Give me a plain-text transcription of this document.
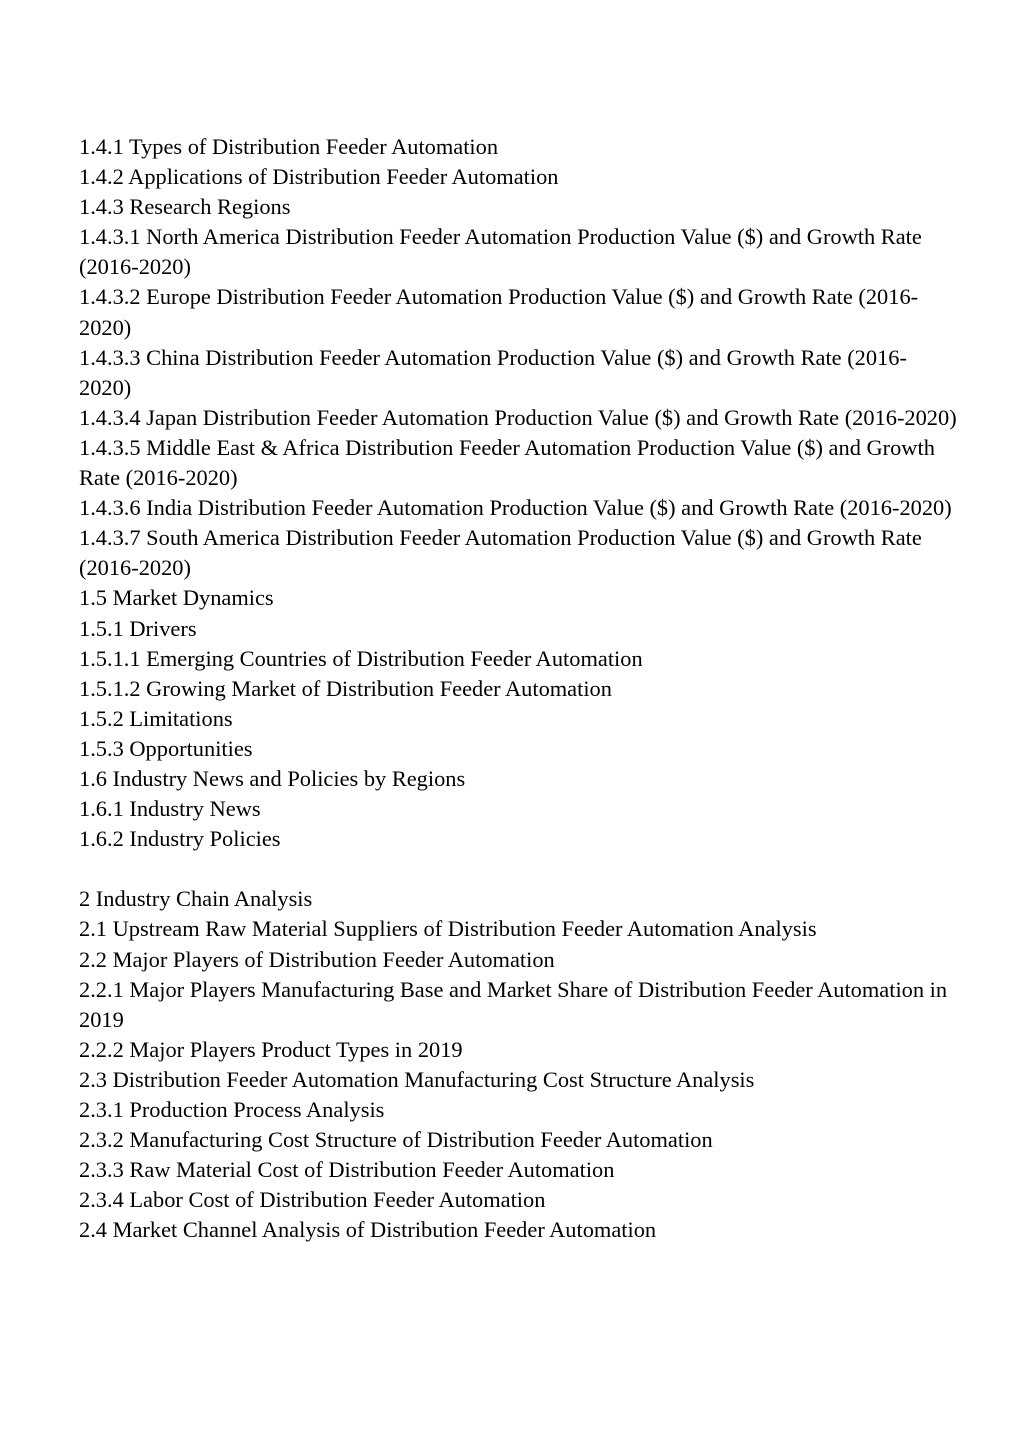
1.4.1 Types of Distribution Feeder Automation
1.4.2 Applications of Distribution Feeder Automation
1.4.3 Research Regions
1.4.3.1 North America Distribution Feeder Automation Production Value ($) and Growth Rate (2016-2020)
1.4.3.2 Europe Distribution Feeder Automation Production Value ($) and Growth Rate (2016-2020)
1.4.3.3 China Distribution Feeder Automation Production Value ($) and Growth Rate (2016-2020)
1.4.3.4 Japan Distribution Feeder Automation Production Value ($) and Growth Rate (2016-2020)
1.4.3.5 Middle East & Africa Distribution Feeder Automation Production Value ($) and Growth Rate (2016-2020)
1.4.3.6 India Distribution Feeder Automation Production Value ($) and Growth Rate (2016-2020)
1.4.3.7 South America Distribution Feeder Automation Production Value ($) and Growth Rate (2016-2020)
1.5 Market Dynamics
1.5.1 Drivers
1.5.1.1 Emerging Countries of Distribution Feeder Automation
1.5.1.2 Growing Market of Distribution Feeder Automation
1.5.2 Limitations
1.5.3 Opportunities
1.6 Industry News and Policies by Regions
1.6.1 Industry News
1.6.2 Industry Policies
2 Industry Chain Analysis
2.1 Upstream Raw Material Suppliers of Distribution Feeder Automation Analysis
2.2 Major Players of Distribution Feeder Automation
2.2.1 Major Players Manufacturing Base and Market Share of Distribution Feeder Automation in 2019
2.2.2 Major Players Product Types in 2019
2.3 Distribution Feeder Automation Manufacturing Cost Structure Analysis
2.3.1 Production Process Analysis
2.3.2 Manufacturing Cost Structure of Distribution Feeder Automation
2.3.3 Raw Material Cost of Distribution Feeder Automation
2.3.4 Labor Cost of Distribution Feeder Automation
2.4 Market Channel Analysis of Distribution Feeder Automation
